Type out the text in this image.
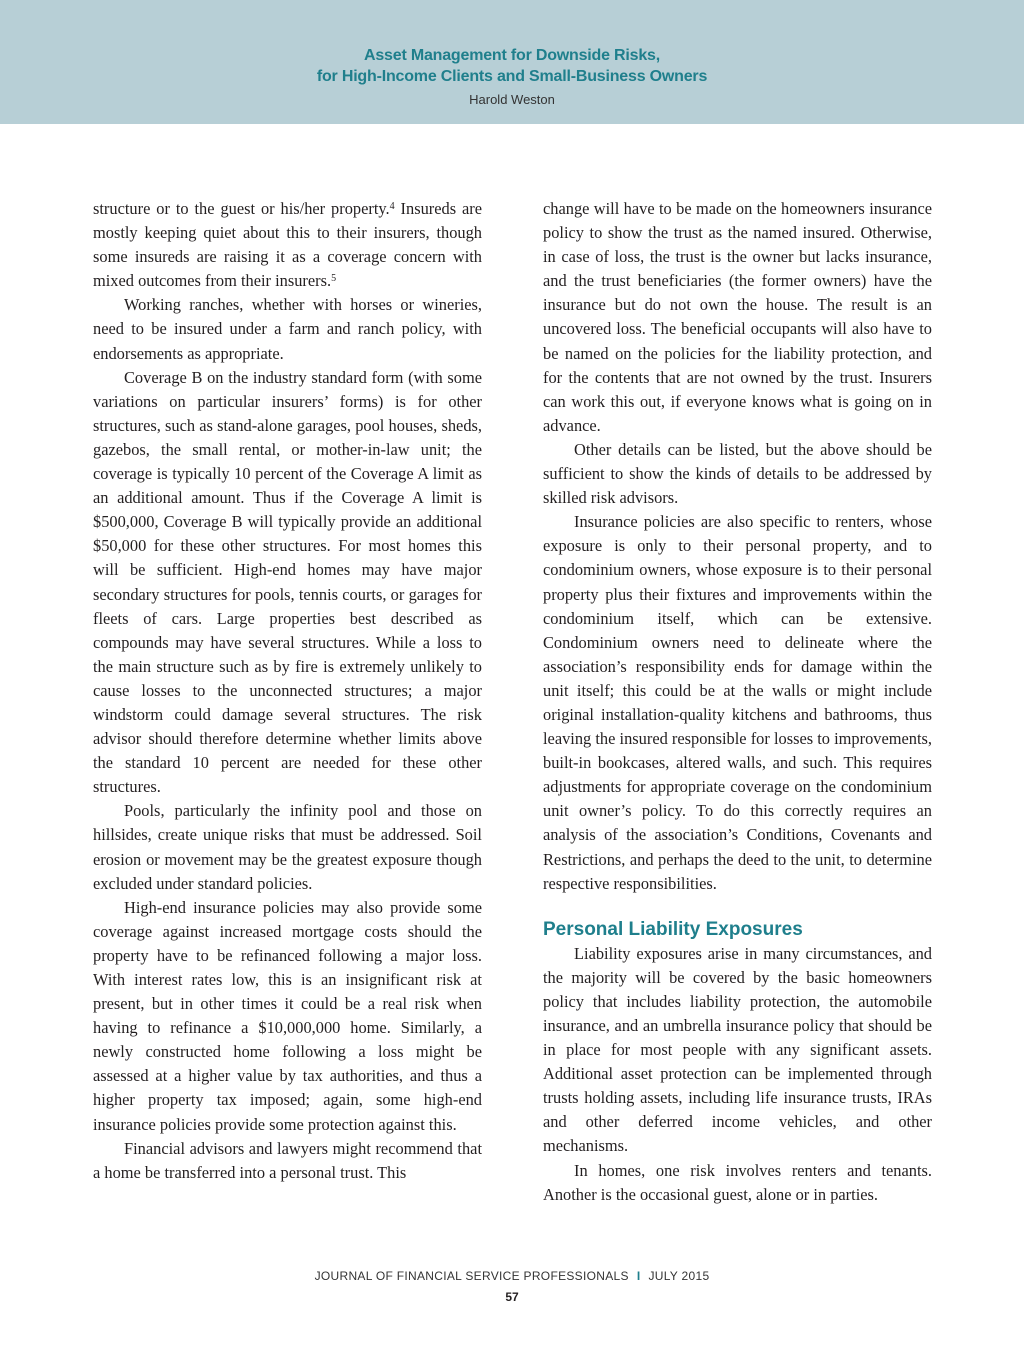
Asset Management for Downside Risks,
for High-Income Clients and Small-Business Owners
Harold Weston

structure or to the guest or his/her property.$^4$ Insureds are mostly keeping quiet about this to their insurers, though some insureds are raising it as a coverage concern with mixed outcomes from their insurers.$^5$

Working ranches, whether with horses or wineries, need to be insured under a farm and ranch policy, with endorsements as appropriate.

Coverage B on the industry standard form (with some variations on particular insurers’ forms) is for other structures, such as stand-alone garages, pool houses, sheds, gazebos, the small rental, or mother-in-law unit; the coverage is typically 10 percent of the Coverage A limit as an additional amount. Thus if the Coverage A limit is $500,000, Coverage B will typically provide an additional $50,000 for these other structures. For most homes this will be sufficient. High-end homes may have major secondary structures for pools, tennis courts, or garages for fleets of cars. Large properties best described as compounds may have several structures. While a loss to the main structure such as by fire is extremely unlikely to cause losses to the unconnected structures; a major windstorm could damage several structures. The risk advisor should therefore determine whether limits above the standard 10 percent are needed for these other structures.

Pools, particularly the infinity pool and those on hillsides, create unique risks that must be addressed. Soil erosion or movement may be the greatest exposure though excluded under standard policies.

High-end insurance policies may also provide some coverage against increased mortgage costs should the property have to be refinanced following a major loss. With interest rates low, this is an insignificant risk at present, but in other times it could be a real risk when having to refinance a $10,000,000 home. Similarly, a newly constructed home following a loss might be assessed at a higher value by tax authorities, and thus a higher property tax imposed; again, some high-end insurance policies provide some protection against this.

Financial advisors and lawyers might recommend that a home be transferred into a personal trust. This

change will have to be made on the homeowners insurance policy to show the trust as the named insured. Otherwise, in case of loss, the trust is the owner but lacks insurance, and the trust beneficiaries (the former owners) have the insurance but do not own the house. The result is an uncovered loss. The beneficial occupants will also have to be named on the policies for the liability protection, and for the contents that are not owned by the trust. Insurers can work this out, if everyone knows what is going on in advance.

Other details can be listed, but the above should be sufficient to show the kinds of details to be addressed by skilled risk advisors.

Insurance policies are also specific to renters, whose exposure is only to their personal property, and to condominium owners, whose exposure is to their personal property plus their fixtures and improvements within the condominium itself, which can be extensive. Condominium owners need to delineate where the association’s responsibility ends for damage within the unit itself; this could be at the walls or might include original installation-quality kitchens and bathrooms, thus leaving the insured responsible for losses to improvements, built-in bookcases, altered walls, and such. This requires adjustments for appropriate coverage on the condominium unit owner’s policy. To do this correctly requires an analysis of the association’s Conditions, Covenants and Restrictions, and perhaps the deed to the unit, to determine respective responsibilities.

Personal Liability Exposures

Liability exposures arise in many circumstances, and the majority will be covered by the basic homeowners policy that includes liability protection, the automobile insurance, and an umbrella insurance policy that should be in place for most people with any significant assets. Additional asset protection can be implemented through trusts holding assets, including life insurance trusts, IRAs and other deferred income vehicles, and other mechanisms.

In homes, one risk involves renters and tenants. Another is the occasional guest, alone or in parties.

JOURNAL OF FINANCIAL SERVICE PROFESSIONALS I JULY 2015
57
